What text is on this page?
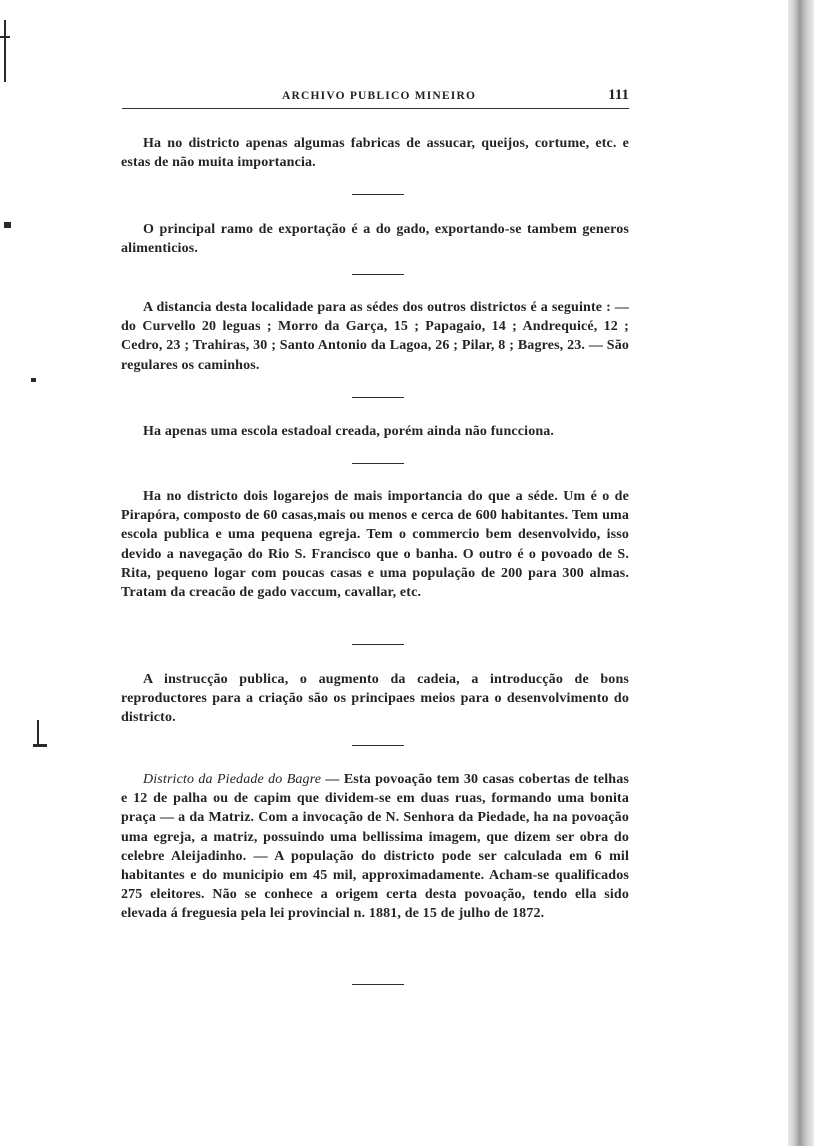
ARCHIVO PUBLICO MINEIRO	111

Ha no districto apenas algumas fabricas de assucar, queijos, cortume, etc. e estas de não muita importancia.

O principal ramo de exportação é a do gado, exportando-se tambem generos alimenticios.

A distancia desta localidade para as sédes dos outros districtos é a seguinte : — do Curvello 20 leguas ; Morro da Garça, 15 ; Papagaio, 14 ; Andrequicé, 12 ; Cedro, 23 ; Trahiras, 30 ; Santo Antonio da Lagoa, 26 ; Pilar, 8 ; Bagres, 23. — São regulares os caminhos.

Ha apenas uma escola estadoal creada, porém ainda não funcciona.

Ha no districto dois logarejos de mais importancia do que a séde. Um é o de Pirapóra, composto de 60 casas,mais ou menos e cerca de 600 habitantes. Tem uma escola publica e uma pequena egreja. Tem o commercio bem desenvolvido, isso devido a navegação do Rio S. Francisco que o banha. O outro é o povoado de S. Rita, pequeno logar com poucas casas e uma população de 200 para 300 almas. Tratam da creacão de gado vaccum, cavallar, etc.

A instrucção publica, o augmento da cadeia, a introducção de bons reproductores para a criação são os principaes meios para o desenvolvimento do districto.

Districto da Piedade do Bagre — Esta povoação tem 30 casas cobertas de telhas e 12 de palha ou de capim que dividem-se em duas ruas, formando uma bonita praça — a da Matriz. Com a invocação de N. Senhora da Piedade, ha na povoação uma egreja, a matriz, possuindo uma bellissima imagem, que dizem ser obra do celebre Aleijadinho. — A população do districto pode ser calculada em 6 mil habitantes e do municipio em 45 mil, approximadamente. Acham-se qualificados 275 eleitores. Não se conhece a origem certa desta povoação, tendo ella sido elevada á freguesia pela lei provincial n. 1881, de 15 de julho de 1872.
